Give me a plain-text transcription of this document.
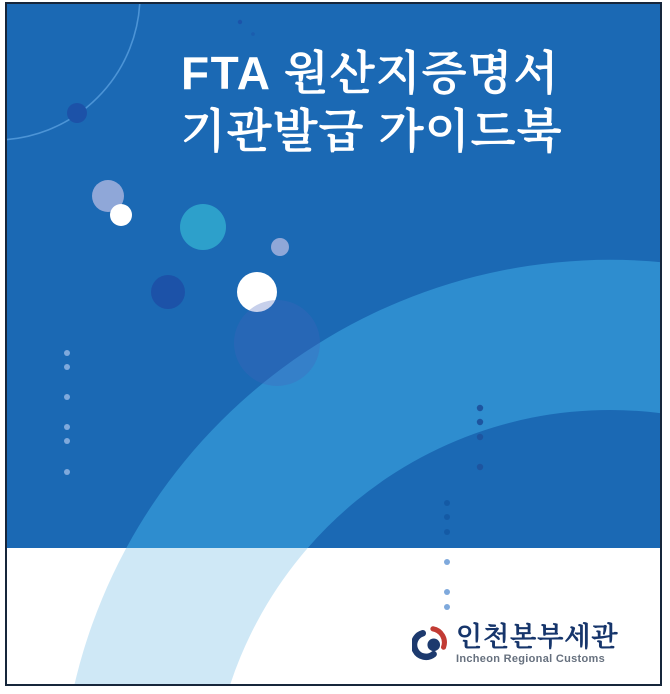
FTA 원산지증명서
기관발급 가이드북
인천본부세관
Incheon Regional Customs
